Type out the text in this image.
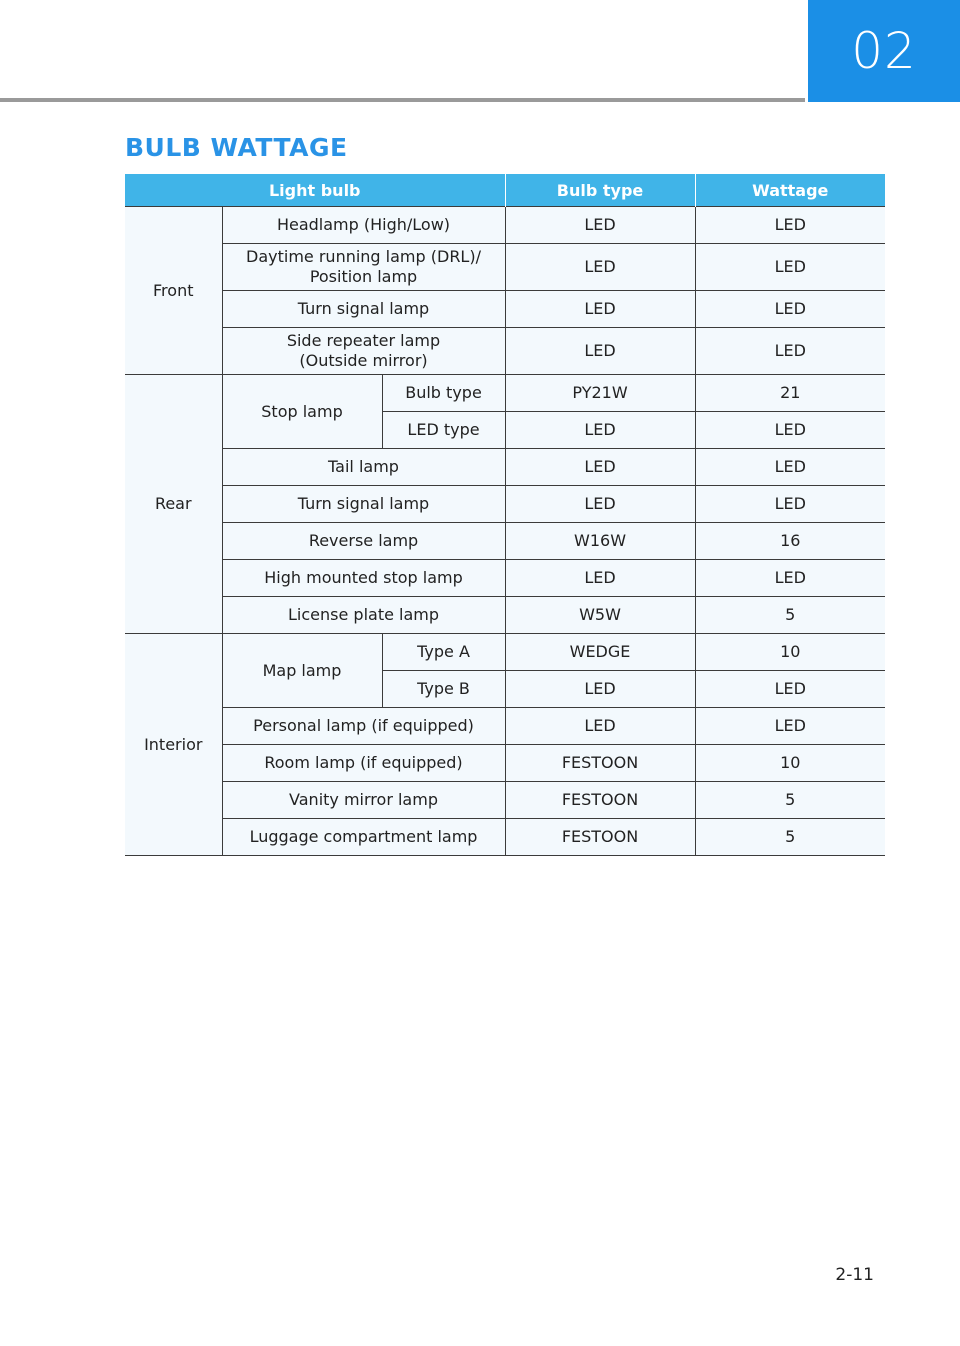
02
BULB WATTAGE
Light bulb			Bulb type	Wattage
Front	Headlamp (High/Low)		LED	LED
	Daytime running lamp (DRL)/
Position lamp		LED	LED
	Turn signal lamp		LED	LED
	Side repeater lamp
(Outside mirror)		LED	LED
Rear	Stop lamp	Bulb type	PY21W	21
		LED type	LED	LED
	Tail lamp		LED	LED
	Turn signal lamp		LED	LED
	Reverse lamp		W16W	16
	High mounted stop lamp		LED	LED
	License plate lamp		W5W	5
Interior	Map lamp	Type A	WEDGE	10
		Type B	LED	LED
	Personal lamp (if equipped)		LED	LED
	Room lamp (if equipped)		FESTOON	10
	Vanity mirror lamp		FESTOON	5
	Luggage compartment lamp		FESTOON	5
2-11
